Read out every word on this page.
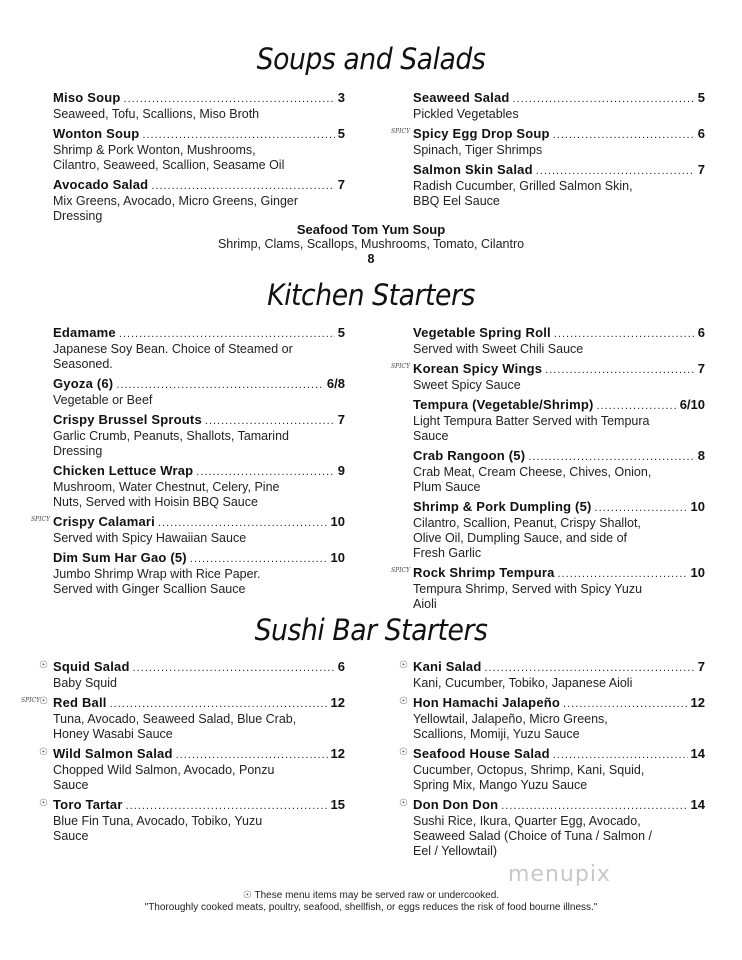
Soups and Salads
Miso Soup .....	3
Seaweed, Tofu, Scallions, Miso Broth
Wonton Soup .....	5
Shrimp & Pork Wonton, Mushrooms, Cilantro, Seaweed, Scallion, Seasame Oil
Avocado Salad .....	7
Mix Greens, Avocado, Micro Greens, Ginger Dressing
Seaweed Salad .....	5
Pickled Vegetables
SPICY Spicy Egg Drop Soup .....	6
Spinach, Tiger Shrimps
Salmon Skin Salad .....	7
Radish Cucumber, Grilled Salmon Skin, BBQ Eel Sauce
Seafood Tom Yum Soup
Shrimp, Clams, Scallops, Mushrooms, Tomato, Cilantro
8
Kitchen Starters
Edamame .....	5
Japanese Soy Bean. Choice of Steamed or Seasoned.
Gyoza (6) .....	6/8
Vegetable or Beef
Crispy Brussel Sprouts .....	7
Garlic Crumb, Peanuts, Shallots, Tamarind Dressing
Chicken Lettuce Wrap .....	9
Mushroom, Water Chestnut, Celery, Pine Nuts, Served with Hoisin BBQ Sauce
SPICY Crispy Calamari .....	10
Served with Spicy Hawaiian Sauce
Dim Sum Har Gao (5) .....	10
Jumbo Shrimp Wrap with Rice Paper. Served with Ginger Scallion Sauce
Vegetable Spring Roll .....	6
Served with Sweet Chili Sauce
SPICY Korean Spicy Wings .....	7
Sweet Spicy Sauce
Tempura (Vegetable/Shrimp) .....	6/10
Light Tempura Batter Served with Tempura Sauce
Crab Rangoon (5) .....	8
Crab Meat, Cream Cheese, Chives, Onion, Plum Sauce
Shrimp & Pork Dumpling (5) .....	10
Cilantro, Scallion, Peanut, Crispy Shallot, Olive Oil, Dumpling Sauce, and side of Fresh Garlic
SPICY Rock Shrimp Tempura .....	10
Tempura Shrimp, Served with Spicy Yuzu Aioli
Sushi Bar Starters
☉ Squid Salad .....	6
Baby Squid
SPICY
☉ Red Ball .....	12
Tuna, Avocado, Seaweed Salad, Blue Crab, Honey Wasabi Sauce
☉ Wild Salmon Salad .....	12
Chopped Wild Salmon, Avocado, Ponzu Sauce
☉ Toro Tartar .....	15
Blue Fin Tuna, Avocado, Tobiko, Yuzu Sauce
☉ Kani Salad .....	7
Kani, Cucumber, Tobiko, Japanese Aioli
☉ Hon Hamachi Jalapeño .....	12
Yellowtail, Jalapeño, Micro Greens, Scallions, Momiji, Yuzu Sauce
☉ Seafood House Salad .....	14
Cucumber, Octopus, Shrimp, Kani, Squid, Spring Mix, Mango Yuzu Sauce
☉ Don Don Don .....	14
Sushi Rice, Ikura, Quarter Egg, Avocado, Seaweed Salad (Choice of Tuna / Salmon / Eel / Yellowtail)
menupix
☉ These menu items may be served raw or undercooked.
"Thoroughly cooked meats, poultry, seafood, shellfish, or eggs reduces the risk of food bourne illness."
